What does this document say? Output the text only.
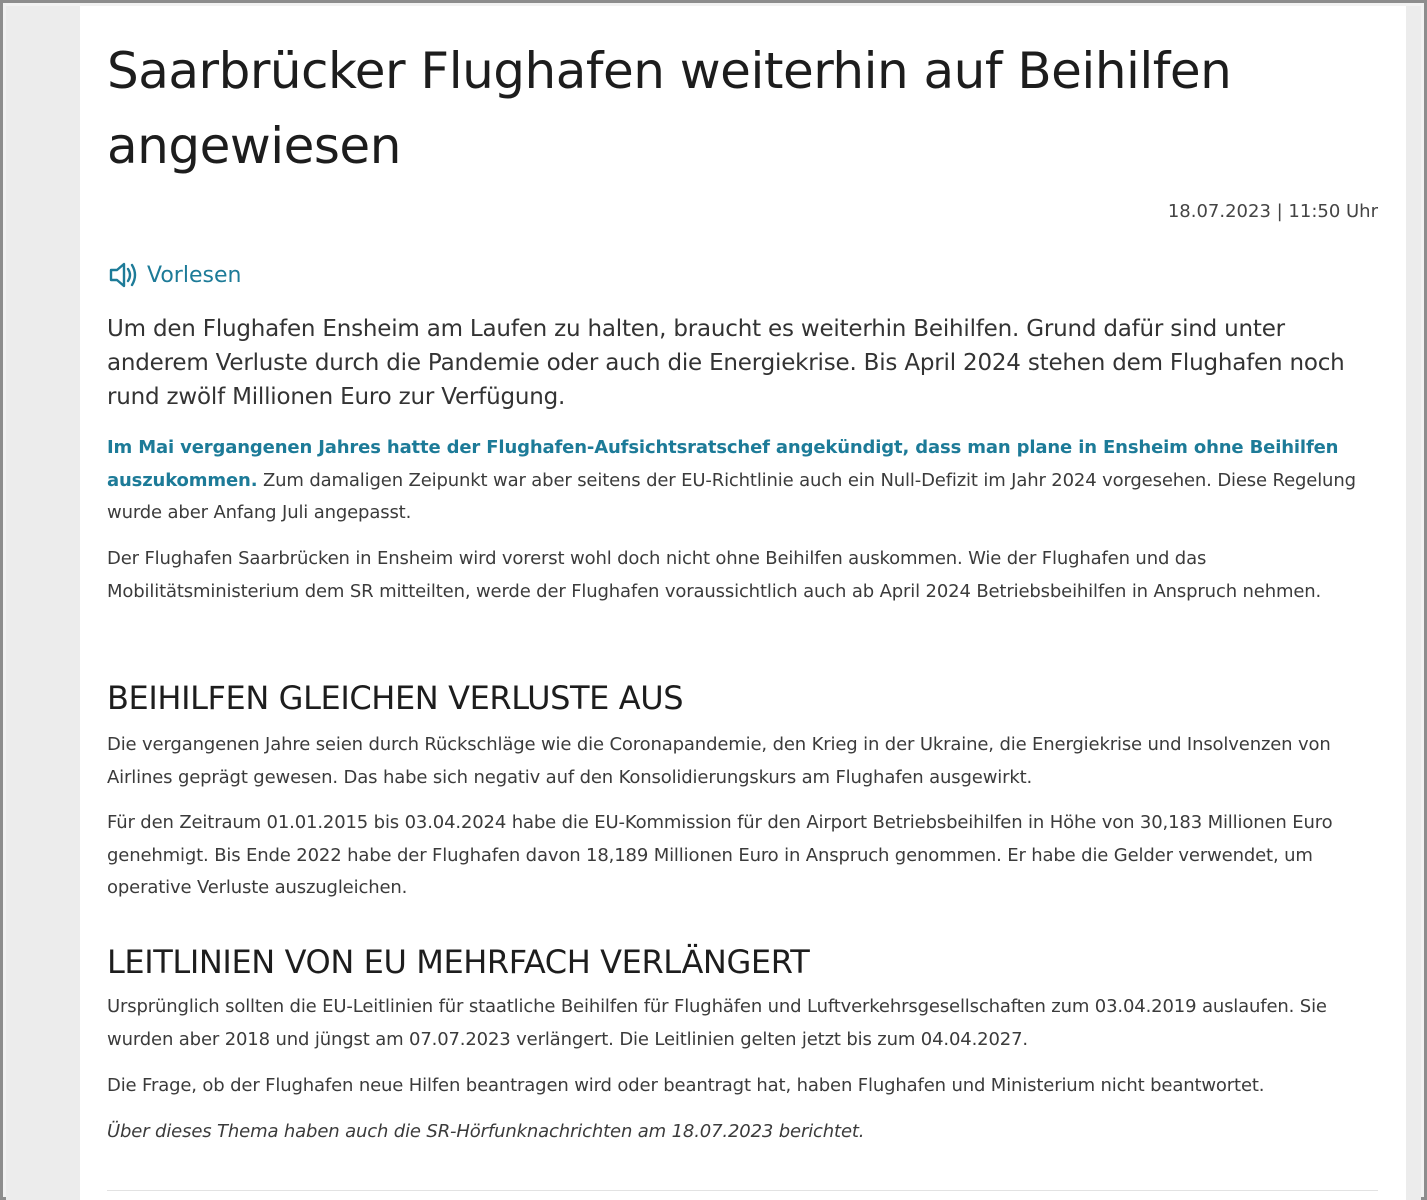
Saarbrücker Flughafen weiterhin auf Beihilfen angewiesen
18.07.2023 | 11:50 Uhr
Vorlesen

Um den Flughafen Ensheim am Laufen zu halten, braucht es weiterhin Beihilfen. Grund dafür sind unter anderem Verluste durch die Pandemie oder auch die Energiekrise. Bis April 2024 stehen dem Flughafen noch rund zwölf Millionen Euro zur Verfügung.

Im Mai vergangenen Jahres hatte der Flughafen-Aufsichtsratschef angekündigt, dass man plane in Ensheim ohne Beihilfen auszukommen. Zum damaligen Zeipunkt war aber seitens der EU-Richtlinie auch ein Null-Defizit im Jahr 2024 vorgesehen. Diese Regelung wurde aber Anfang Juli angepasst.

Der Flughafen Saarbrücken in Ensheim wird vorerst wohl doch nicht ohne Beihilfen auskommen. Wie der Flughafen und das Mobilitätsministerium dem SR mitteilten, werde der Flughafen voraussichtlich auch ab April 2024 Betriebsbeihilfen in Anspruch nehmen.

BEIHILFEN GLEICHEN VERLUSTE AUS

Die vergangenen Jahre seien durch Rückschläge wie die Coronapandemie, den Krieg in der Ukraine, die Energiekrise und Insolvenzen von Airlines geprägt gewesen. Das habe sich negativ auf den Konsolidierungskurs am Flughafen ausgewirkt.

Für den Zeitraum 01.01.2015 bis 03.04.2024 habe die EU-Kommission für den Airport Betriebsbeihilfen in Höhe von 30,183 Millionen Euro genehmigt. Bis Ende 2022 habe der Flughafen davon 18,189 Millionen Euro in Anspruch genommen. Er habe die Gelder verwendet, um operative Verluste auszugleichen.

LEITLINIEN VON EU MEHRFACH VERLÄNGERT

Ursprünglich sollten die EU-Leitlinien für staatliche Beihilfen für Flughäfen und Luftverkehrsgesellschaften zum 03.04.2019 auslaufen. Sie wurden aber 2018 und jüngst am 07.07.2023 verlängert. Die Leitlinien gelten jetzt bis zum 04.04.2027.

Die Frage, ob der Flughafen neue Hilfen beantragen wird oder beantragt hat, haben Flughafen und Ministerium nicht beantwortet.

Über dieses Thema haben auch die SR-Hörfunknachrichten am 18.07.2023 berichtet.
